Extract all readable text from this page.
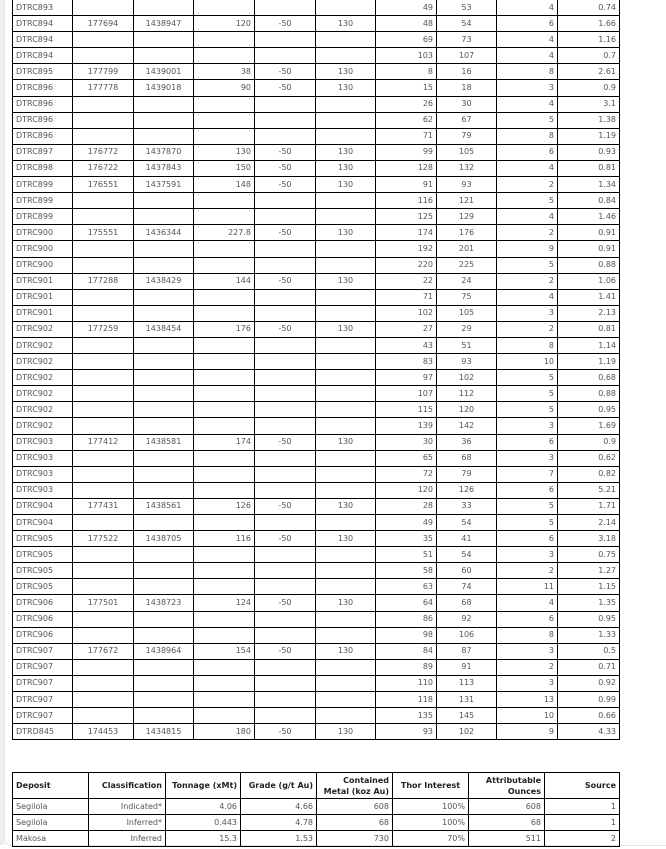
DTRC893						49	53	4	0.74
DTRC894	177694	1438947	120	-50	130	48	54	6	1.66
DTRC894						69	73	4	1.16
DTRC894						103	107	4	0.7
DTRC895	177799	1439001	38	-50	130	8	16	8	2.61
DTRC896	177778	1439018	90	-50	130	15	18	3	0.9
DTRC896						26	30	4	3.1
DTRC896						62	67	5	1.38
DTRC896						71	79	8	1.19
DTRC897	176772	1437870	130	-50	130	99	105	6	0.93
DTRC898	176722	1437843	150	-50	130	128	132	4	0.81
DTRC899	176551	1437591	148	-50	130	91	93	2	1.34
DTRC899						116	121	5	0.84
DTRC899						125	129	4	1.46
DTRC900	175551	1436344	227.8	-50	130	174	176	2	0.91
DTRC900						192	201	9	0.91
DTRC900						220	225	5	0.88
DTRC901	177288	1438429	144	-50	130	22	24	2	1.06
DTRC901						71	75	4	1.41
DTRC901						102	105	3	2.13
DTRC902	177259	1438454	176	-50	130	27	29	2	0.81
DTRC902						43	51	8	1.14
DTRC902						83	93	10	1.19
DTRC902						97	102	5	0.68
DTRC902						107	112	5	0.88
DTRC902						115	120	5	0.95
DTRC902						139	142	3	1.69
DTRC903	177412	1438581	174	-50	130	30	36	6	0.9
DTRC903						65	68	3	0.62
DTRC903						72	79	7	0.82
DTRC903						120	126	6	5.21
DTRC904	177431	1438561	126	-50	130	28	33	5	1.71
DTRC904						49	54	5	2.14
DTRC905	177522	1438705	116	-50	130	35	41	6	3.18
DTRC905						51	54	3	0.75
DTRC905						58	60	2	1.27
DTRC905						63	74	11	1.15
DTRC906	177501	1438723	124	-50	130	64	68	4	1.35
DTRC906						86	92	6	0.95
DTRC906						98	106	8	1.33
DTRC907	177672	1438964	154	-50	130	84	87	3	0.5
DTRC907						89	91	2	0.71
DTRC907						110	113	3	0.92
DTRC907						118	131	13	0.99
DTRC907						135	145	10	0.66
DTRD845	174453	1434815	180	-50	130	93	102	9	4.33
Deposit	Classification	Tonnage (xMt)	Grade (g/t Au)	Contained Metal (koz Au)	Thor Interest	Attributable Ounces	Source
Segilola	Indicated*	4.06	4.66	608	100%	608	1
Segilola	Inferred*	0.443	4.78	68	100%	68	1
Makosa	Inferred	15.3	1.53	730	70%	511	2
